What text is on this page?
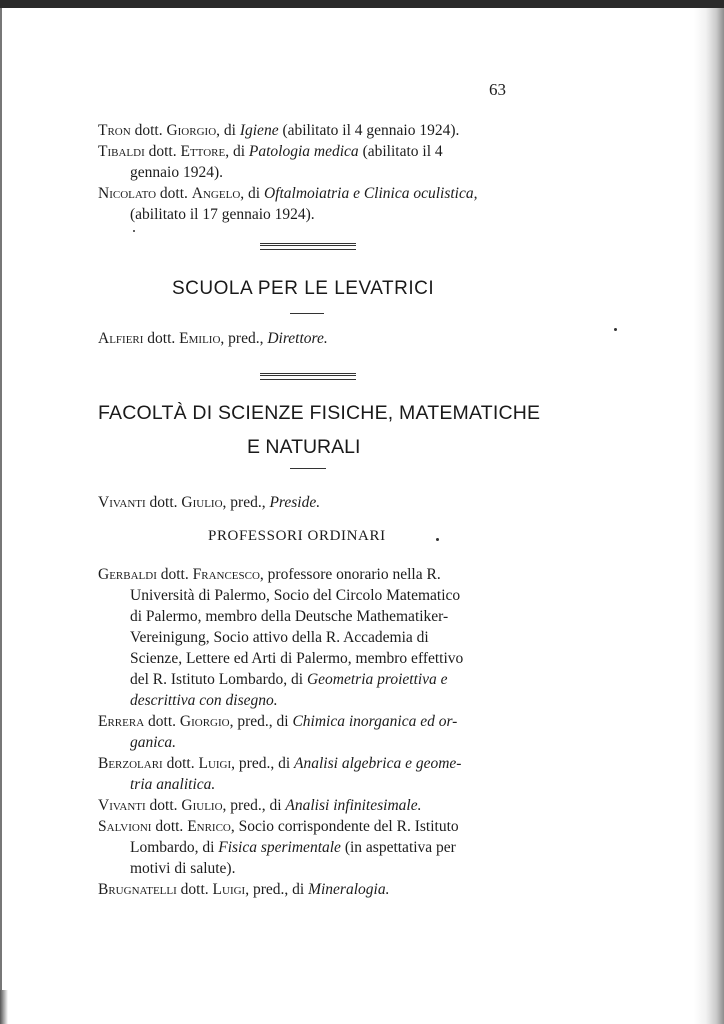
63
Tron dott. Giorgio, di Igiene (abilitato il 4 gennaio 1924).
Tibaldi dott. Ettore, di Patologia medica (abilitato il 4
gennaio 1924).
Nicolato dott. Angelo, di Oftalmoiatria e Clinica oculistica,
(abilitato il 17 gennaio 1924).
SCUOLA PER LE LEVATRICI
Alfieri dott. Emilio, pred., Direttore.
FACOLTÀ DI SCIENZE FISICHE, MATEMATICHE
E NATURALI
Vivanti dott. Giulio, pred., Preside.
PROFESSORI ORDINARI
Gerbaldi dott. Francesco, professore onorario nella R.
Università di Palermo, Socio del Circolo Matematico
di Palermo, membro della Deutsche Mathematiker-
Vereinigung, Socio attivo della R. Accademia di
Scienze, Lettere ed Arti di Palermo, membro effettivo
del R. Istituto Lombardo, di Geometria proiettiva e
descrittiva con disegno.
Errera dott. Giorgio, pred., di Chimica inorganica ed or-
ganica.
Berzolari dott. Luigi, pred., di Analisi algebrica e geome-
tria analitica.
Vivanti dott. Giulio, pred., di Analisi infinitesimale.
Salvioni dott. Enrico, Socio corrispondente del R. Istituto
Lombardo, di Fisica sperimentale (in aspettativa per
motivi di salute).
Brugnatelli dott. Luigi, pred., di Mineralogia.
